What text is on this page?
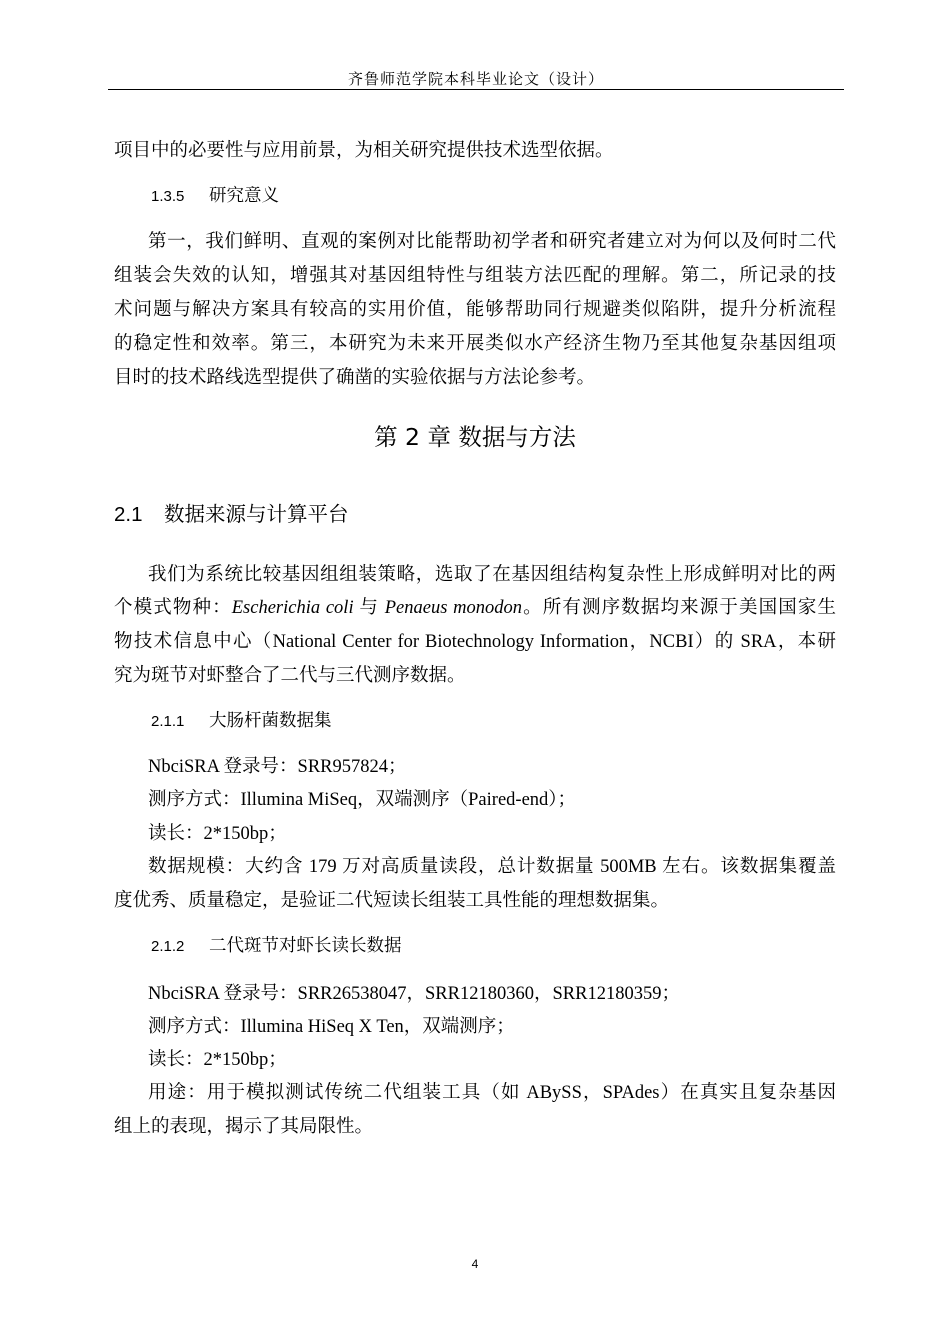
齐鲁师范学院本科毕业论文（设计）
项目中的必要性与应用前景，为相关研究提供技术选型依据。
1.3.5 研究意义
第一，我们鲜明、直观的案例对比能帮助初学者和研究者建立对为何以及何时二代
组装会失效的认知，增强其对基因组特性与组装方法匹配的理解。第二，所记录的技
术问题与解决方案具有较高的实用价值，能够帮助同行规避类似陷阱，提升分析流程
的稳定性和效率。第三，本研究为未来开展类似水产经济生物乃至其他复杂基因组项
目时的技术路线选型提供了确凿的实验依据与方法论参考。
第 2 章 数据与方法
2.1 数据来源与计算平台
我们为系统比较基因组组装策略，选取了在基因组结构复杂性上形成鲜明对比的两
个模式物种：Escherichia coli 与 Penaeus monodon。所有测序数据均来源于美国国家生
物技术信息中心（National Center for Biotechnology Information，NCBI）的 SRA，本研
究为斑节对虾整合了二代与三代测序数据。
2.1.1 大肠杆菌数据集
NbciSRA 登录号：SRR957824；
测序方式：Illumina MiSeq，双端测序（Paired-end）；
读长：2*150bp；
数据规模：大约含 179 万对高质量读段，总计数据量 500MB 左右。该数据集覆盖
度优秀、质量稳定，是验证二代短读长组装工具性能的理想数据集。
2.1.2 二代斑节对虾长读长数据
NbciSRA 登录号：SRR26538047，SRR12180360，SRR12180359；
测序方式：Illumina HiSeq X Ten，双端测序；
读长：2*150bp；
用途：用于模拟测试传统二代组装工具（如 ABySS，SPAdes）在真实且复杂基因
组上的表现，揭示了其局限性。
4
